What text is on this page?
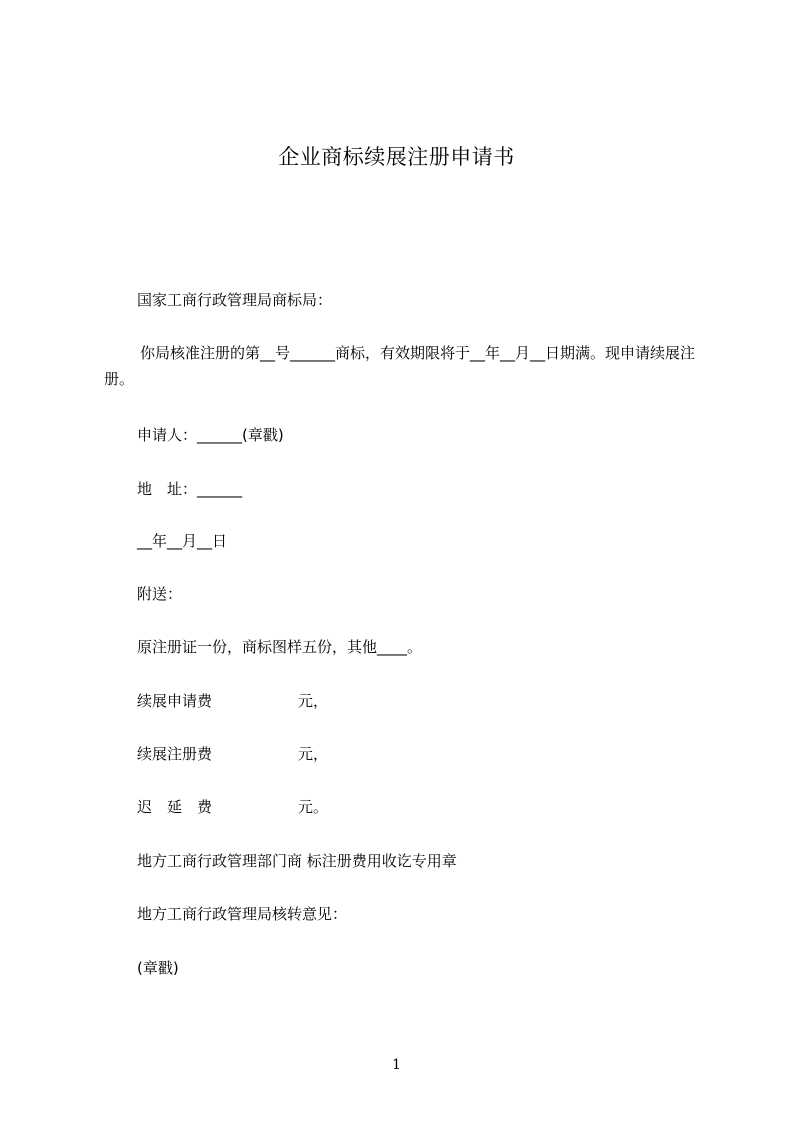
企业商标续展注册申请书
国家工商行政管理局商标局：
你局核准注册的第__号______商标，有效期限将于__年__月__日期满。现申请续展注册。
申请人：______(章戳)
地　址：______
__年__月__日
附送：
原注册证一份，商标图样五份，其他____。
续展申请费	元，
续展注册费	元，
迟　延　费	元。
地方工商行政管理部门商 标注册费用收讫专用章
地方工商行政管理局核转意见：
(章戳)
1
